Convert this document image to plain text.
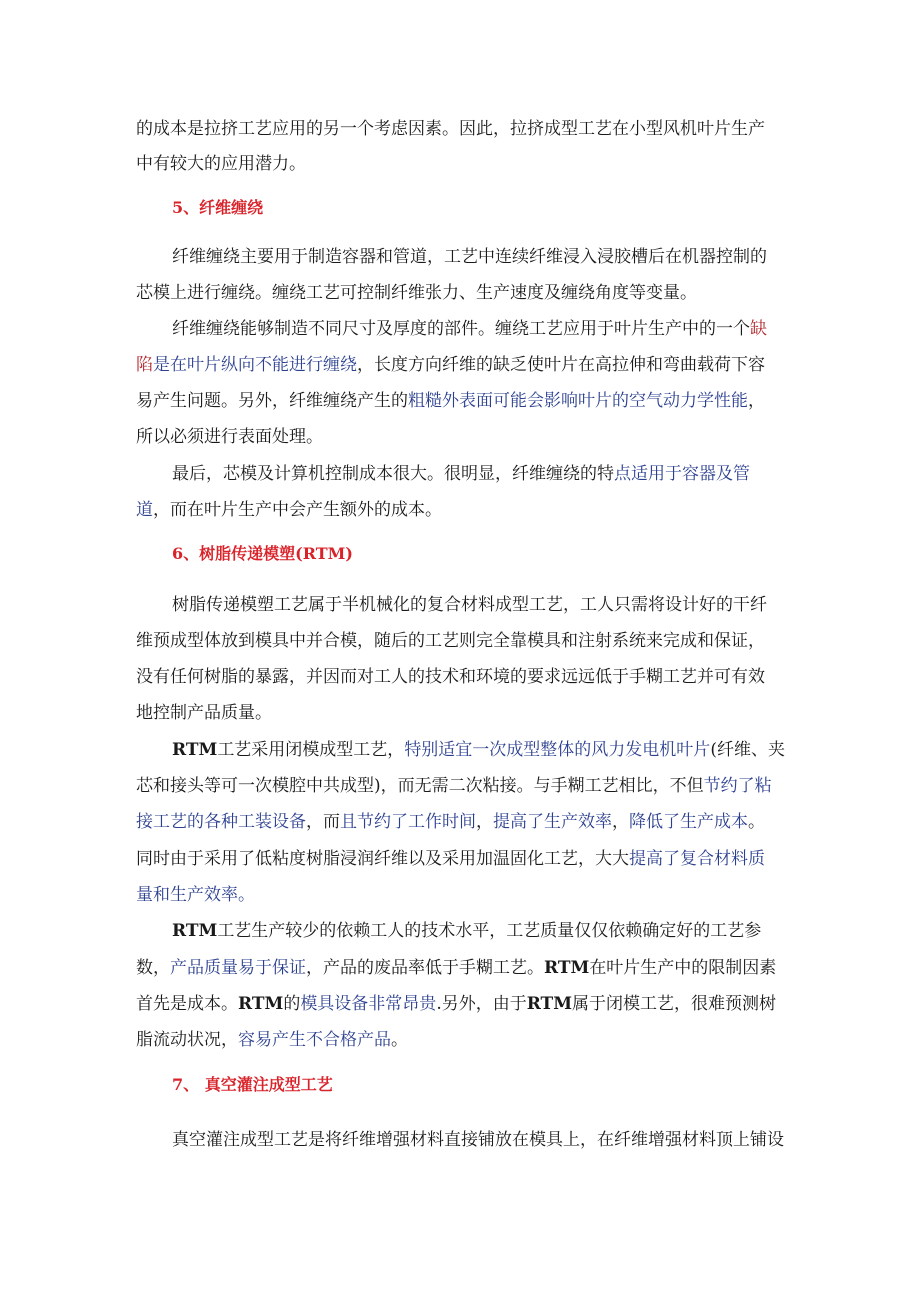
的成本是拉挤工艺应用的另一个考虑因素。因此，拉挤成型工艺在小型风机叶片生产
中有较大的应用潜力。
5、纤维缠绕
纤维缠绕主要用于制造容器和管道，工艺中连续纤维浸入浸胶槽后在机器控制的
芯模上进行缠绕。缠绕工艺可控制纤维张力、生产速度及缠绕角度等变量。
纤维缠绕能够制造不同尺寸及厚度的部件。缠绕工艺应用于叶片生产中的一个缺
陷是在叶片纵向不能进行缠绕，长度方向纤维的缺乏使叶片在高拉伸和弯曲载荷下容
易产生问题。另外，纤维缠绕产生的粗糙外表面可能会影响叶片的空气动力学性能，
所以必须进行表面处理。
最后，芯模及计算机控制成本很大。很明显，纤维缠绕的特点适用于容器及管
道，而在叶片生产中会产生额外的成本。
6、树脂传递模塑(RTM)
树脂传递模塑工艺属于半机械化的复合材料成型工艺，工人只需将设计好的干纤
维预成型体放到模具中并合模，随后的工艺则完全靠模具和注射系统来完成和保证，
没有任何树脂的暴露，并因而对工人的技术和环境的要求远远低于手糊工艺并可有效
地控制产品质量。
RTM工艺采用闭模成型工艺，特别适宜一次成型整体的风力发电机叶片(纤维、夹
芯和接头等可一次模腔中共成型)，而无需二次粘接。与手糊工艺相比，不但节约了粘
接工艺的各种工装设备，而且节约了工作时间，提高了生产效率，降低了生产成本。
同时由于采用了低粘度树脂浸润纤维以及采用加温固化工艺，大大提高了复合材料质
量和生产效率。
RTM工艺生产较少的依赖工人的技术水平，工艺质量仅仅依赖确定好的工艺参
数，产品质量易于保证，产品的废品率低于手糊工艺。RTM在叶片生产中的限制因素
首先是成本。RTM的模具设备非常昂贵.另外，由于RTM属于闭模工艺，很难预测树
脂流动状况，容易产生不合格产品。
7、 真空灌注成型工艺
真空灌注成型工艺是将纤维增强材料直接铺放在模具上，在纤维增强材料顶上铺设
